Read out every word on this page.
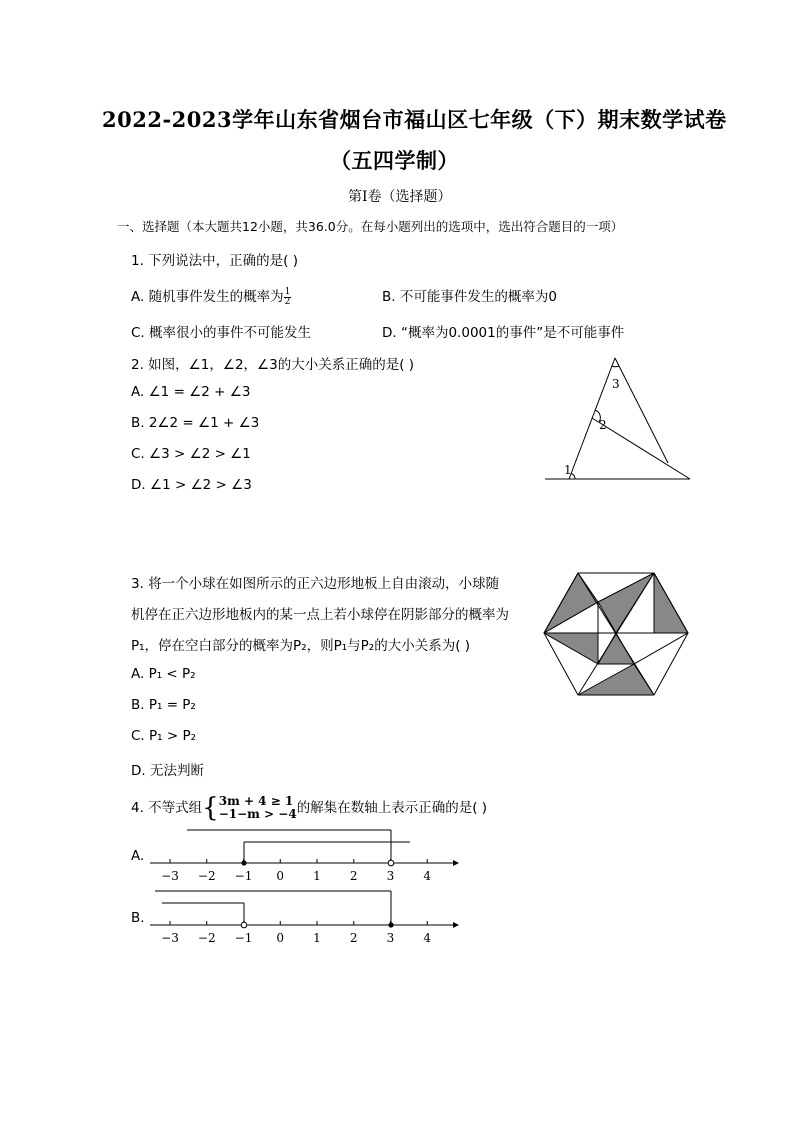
2022-2023学年山东省烟台市福山区七年级（下）期末数学试卷
（五四学制）
第Ⅰ卷（选择题）
一、选择题（本大题共12小题，共36.0分。在每小题列出的选项中，选出符合题目的一项）
1. 下列说法中，正确的是( )
A. 随机事件发生的概率为 $\frac{1}{2}$	B. 不可能事件发生的概率为0
C. 概率很小的事件不可能发生	D. “概率为0.0001的事件”是不可能事件
2. 如图，∠1，∠2，∠3的大小关系正确的是( )
A. ∠1 = ∠2 + ∠3
B. 2∠2 = ∠1 + ∠3
C. ∠3 > ∠2 > ∠1
D. ∠1 > ∠2 > ∠3
1
2
3
3. 将一个小球在如图所示的正六边形地板上自由滚动，小球随
机停在正六边形地板内的某一点上若小球停在阴影部分的概率为
P₁，停在空白部分的概率为P₂，则P₁与P₂的大小关系为( )
A. P₁ < P₂
B. P₁ = P₂
C. P₁ > P₂
D. 无法判断
4. 不等式组{ 3m + 4 ≥ 1
−1−m > −4 的解集在数轴上表示正确的是( )
A.
−3 −2 −1 0 1 2 3 4
B.
−3 −2 −1 0 1 2 3 4
